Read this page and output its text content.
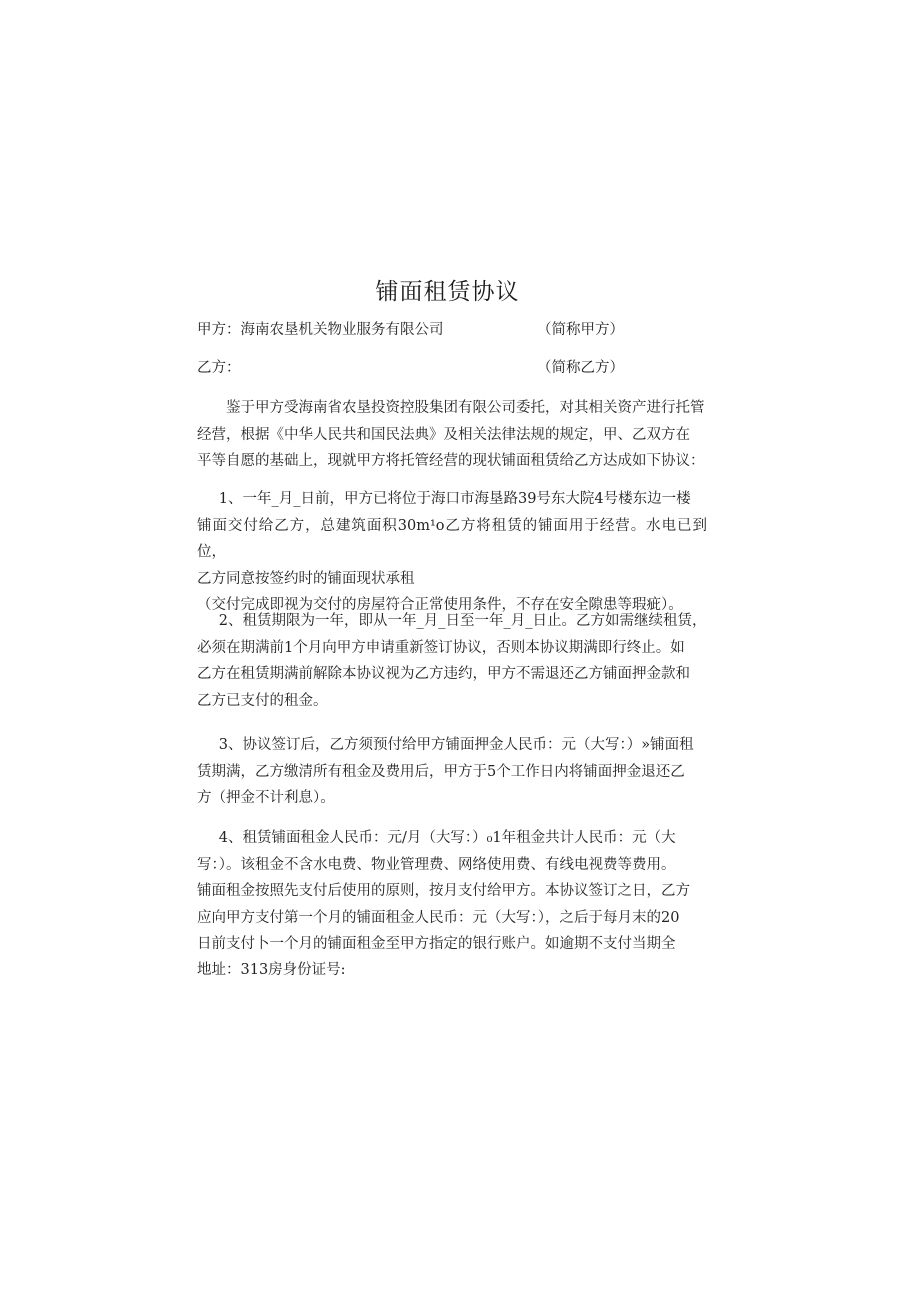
铺面租赁协议
甲方：海南农垦机关物业服务有限公司	（简称甲方）
乙方：	（简称乙方）
鉴于甲方受海南省农垦投资控股集团有限公司委托，对其相关资产进行托管
经营，根据《中华人民共和国民法典》及相关法律法规的规定，甲、乙双方在
平等自愿的基础上，现就甲方将托管经营的现状铺面租赁给乙方达成如下协议：
1、一年_月_日前，甲方已将位于海口市海垦路39号东大院4号楼东边一楼
铺面交付给乙方，总建筑面积30m¹o乙方将租赁的铺面用于经营。水电已到位，
乙方同意按签约时的铺面现状承租
（交付完成即视为交付的房屋符合正常使用条件，不存在安全隙患等瑕疵）。
2、租赁期限为一年，即从一年_月_日至一年_月_日止。乙方如需继续租赁，
必须在期满前1个月向甲方申请重新签订协议，否则本协议期满即行终止。如
乙方在租赁期满前解除本协议视为乙方违约，甲方不需退还乙方铺面押金款和
乙方已支付的租金。
3、协议签订后，乙方须预付给甲方铺面押金人民币：元（大写：）»铺面租
赁期满，乙方缴清所有租金及费用后，甲方于5个工作日内将铺面押金退还乙
方（押金不计利息）。
4、租赁铺面租金人民币：元/月（大写：）₀1年租金共计人民币：元（大
写：）。该租金不含水电费、物业管理费、网络使用费、有线电视费等费用。
铺面租金按照先支付后使用的原则，按月支付给甲方。本协议签订之日，乙方
应向甲方支付第一个月的铺面租金人民币：元（大写：），之后于每月末的20
日前支付卜一个月的铺面租金至甲方指定的银行账户。如逾期不支付当期全
地址：313房身份证号:
